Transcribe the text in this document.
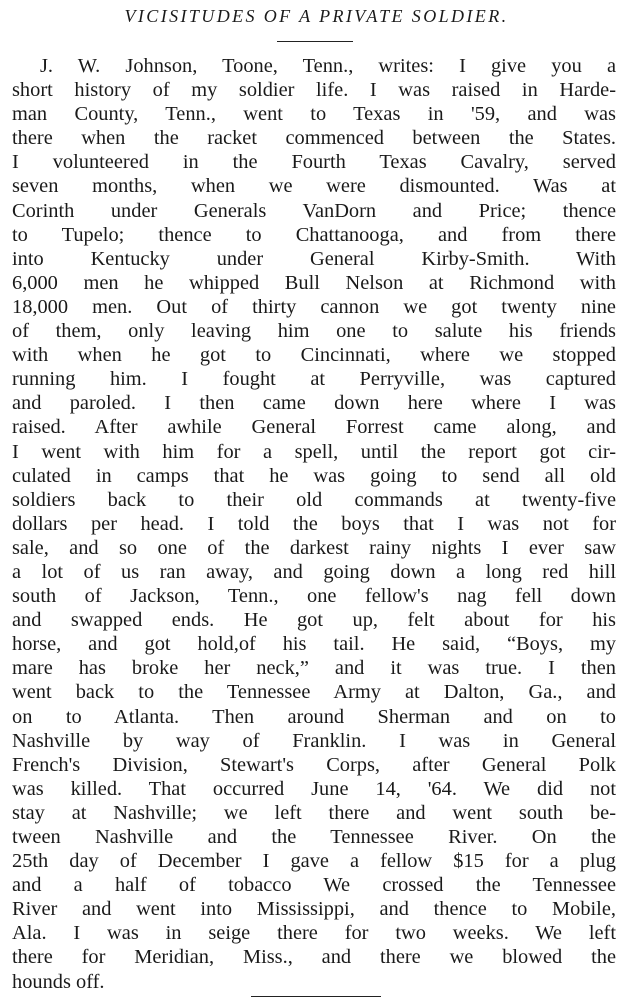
VICISITUDES OF A PRIVATE SOLDIER.
J. W. Johnson, Toone, Tenn., writes: I give you a
short history of my soldier life. I was raised in Harde-
man County, Tenn., went to Texas in '59, and was
there when the racket commenced between the States.
I volunteered in the Fourth Texas Cavalry, served
seven months, when we were dismounted. Was at
Corinth under Generals VanDorn and Price; thence
to Tupelo; thence to Chattanooga, and from there
into Kentucky under General Kirby-Smith. With
6,000 men he whipped Bull Nelson at Richmond with
18,000 men. Out of thirty cannon we got twenty nine
of them, only leaving him one to salute his friends
with when he got to Cincinnati, where we stopped
running him. I fought at Perryville, was captured
and paroled. I then came down here where I was
raised. After awhile General Forrest came along, and
I went with him for a spell, until the report got cir-
culated in camps that he was going to send all old
soldiers back to their old commands at twenty-five
dollars per head. I told the boys that I was not for
sale, and so one of the darkest rainy nights I ever saw
a lot of us ran away, and going down a long red hill
south of Jackson, Tenn., one fellow's nag fell down
and swapped ends. He got up, felt about for his
horse, and got hold,of his tail. He said, “Boys, my
mare has broke her neck,” and it was true. I then
went back to the Tennessee Army at Dalton, Ga., and
on to Atlanta. Then around Sherman and on to
Nashville by way of Franklin. I was in General
French's Division, Stewart's Corps, after General Polk
was killed. That occurred June 14, '64. We did not
stay at Nashville; we left there and went south be-
tween Nashville and the Tennessee River. On the
25th day of December I gave a fellow $15 for a plug
and a half of tobacco We crossed the Tennessee
River and went into Mississippi, and thence to Mobile,
Ala. I was in seige there for two weeks. We left
there for Meridian, Miss., and there we blowed the
hounds off.
